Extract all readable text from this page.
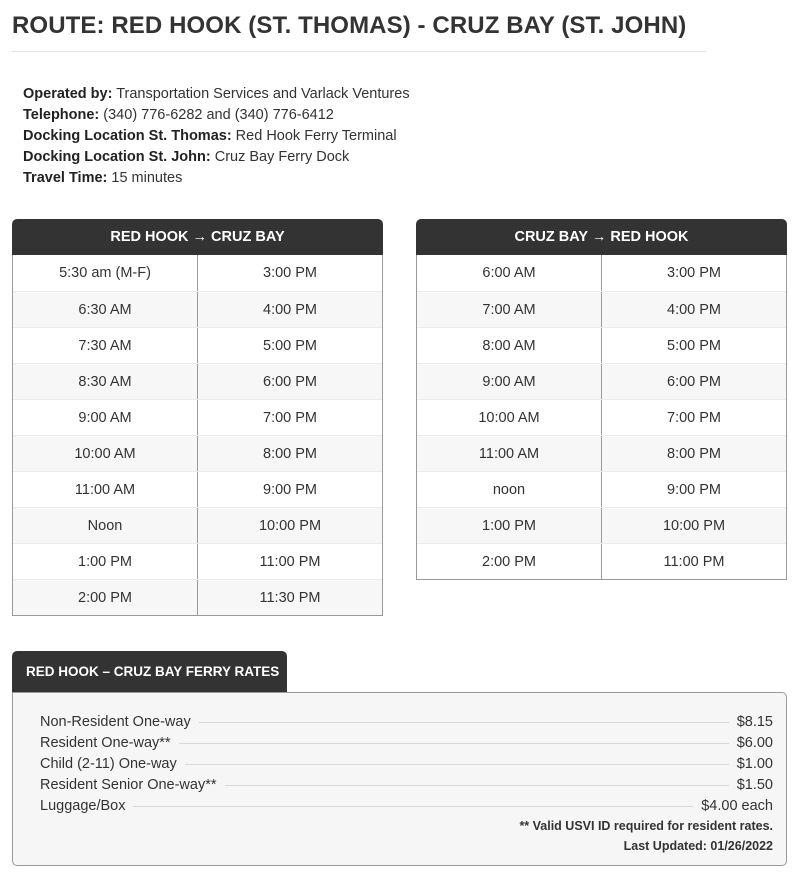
ROUTE: RED HOOK (ST. THOMAS) - CRUZ BAY (ST. JOHN)
Operated by: Transportation Services and Varlack Ventures
Telephone: (340) 776-6282 and (340) 776-6412
Docking Location St. Thomas: Red Hook Ferry Terminal
Docking Location St. John: Cruz Bay Ferry Dock
Travel Time: 15 minutes
RED HOOK → CRUZ BAY
5:30 am (M-F)	3:00 PM
6:30 AM	4:00 PM
7:30 AM	5:00 PM
8:30 AM	6:00 PM
9:00 AM	7:00 PM
10:00 AM	8:00 PM
11:00 AM	9:00 PM
Noon	10:00 PM
1:00 PM	11:00 PM
2:00 PM	11:30 PM
CRUZ BAY → RED HOOK
6:00 AM	3:00 PM
7:00 AM	4:00 PM
8:00 AM	5:00 PM
9:00 AM	6:00 PM
10:00 AM	7:00 PM
11:00 AM	8:00 PM
noon	9:00 PM
1:00 PM	10:00 PM
2:00 PM	11:00 PM
RED HOOK – CRUZ BAY FERRY RATES
Non-Resident One-way	$8.15
Resident One-way**	$6.00
Child (2-11) One-way	$1.00
Resident Senior One-way**	$1.50
Luggage/Box	$4.00 each
** Valid USVI ID required for resident rates.
Last Updated: 01/26/2022
